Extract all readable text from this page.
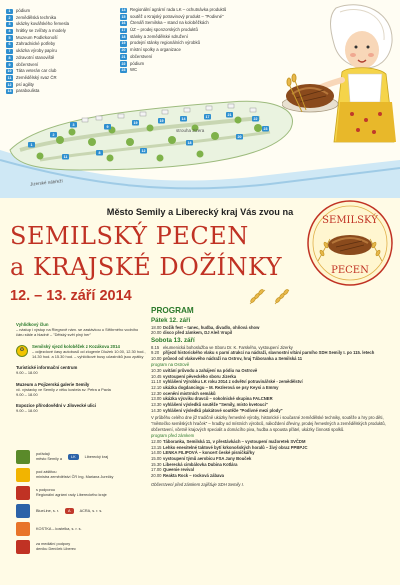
1
2
3	9
19	19	14	17	21
22
23
20
18
12
8
11
1	pódium
2	zemědělská technika
3	ukázky kovářského řemesla
4	hrátky se zvířaty a modely
5	Muzeum Podkrkonoší
6	Zahradnické potřeby
7	ukázka výroby papíru
8	zdravotní stanoviště
9	občerstvení
10	Táta veterán car club
11	Zemědělský svaz ČR
12	psí agility
13	paraboulista
14	Regionální agrární rada LK – ochutnávka produktů
15	soutěž o Krajský potravinový produkt – "Podivné"
16	Čtenáři Semilska – stand na koloběžkách
17	ÚZ – prodej sponzorských produktů
18	stánky a zemědělské sdružení
19	prodejní stánky regionálních výrobků
20	místní spolky a organizace
21	občerstvení
22	pódium
23	WC
strouha Jizera
Jizerské nábřeží
Město Semily a Liberecký kraj Vás zvou na
SEMILSKÝ PECEN
a KRAJSKÉ DOŽÍNKY
12. – 13. září 2014
SEMILSKÝ
PECEN
Vyhlídkový člun
– nástup i výstup na Riegrově nám. se zastávkou u Stříbrného vodního čáru stále a hladně – "Dětský svět plný her"
✪
Semilský sjezd koloběžek z Kozákova 2014
– odjezdové časy autobusů od zlogenie Dlužek 10.00, 12.30 hod., 14.30 hod. a 15.30 hod. – vyhlídkové busy učastníků jsou zpátky
Turistické informační centrum
9.00 – 18.00
Muzeum a Pojizerská galerie Semily
vč. výstavky ve Semily z věku kostela sv. Petra a Pavla
9.00 – 18.00
Expozice přírodovědní v Jilovecké ulici
9.00 – 18.00
pořádají
město Semily a
LK	Liberecký kraj
pod záštitou
ministra zemědělství ČR Ing. Mariana Jurečky
s podporou
Regionální agrární rady Libereckého kraje
BlueLine, s. r.	A	ACRA, s. r. s.
KOSTKA – kostelka, s. r. s.
za mediální podpory
deníku Deníček Liberec
PROGRAM
Pátek 12. září
18.00 Dožik fest – tanec, hudba, divadlo, ohňová show
20.00 disco před zámkem, DJ Aleš Vrupil
Sobota 13. září
8.15 ekumenická bohoslužba ve Sboru Dr. K. Farského, vystoupení Jizerky
9.20 příjezd historického vlaku s parní atrakcí na nádraží, slavnostní vítání parního SDH Semily I. po 115. letech
10.00 průvod od vlakového nádraží na Ostrov, hraj Táboranka a Semilská 11
program na Ostrově
10.30 uvítání průvodu a zahájení na pódiu na Ostrově
10.45 vystoupení pěveckého sboru Jizerka
11.10 vyhlášení Výrobku LK roku 2014 z odvětví potravinářské - zemědělství
12.10 ukázka dogdancingu – M. Rezlerová se psy Keysi a Emmy
12.30 ocenění mistrních semáků
13.00 ukázka výcviku dravců – sokolnické skupina FALCNER
13.30 vyhlášení výsledků soutěže "Semily, místo kvetoucí"
14.30 vyhlášení výsledků plakátové soutěže "Podivné mezi plody"
V průběhu celého dne již tradičně ukázky řemeslné výroby, historické i současné zemědělské techniky, soutěže a hry pro děti, "městečko semilských hraček" – hradby od místních výrobců, nákoždení dřeviny, prodej řemeslných a zemědělských produktů, občerstvení, včetně krajových specialit a domácího piva, hudba a spousta přátel, ukázky činnosti spolků.
program před zámkem
12.00 Táboranka, Semilská 11, v přestávkách – vystoupení mažoretek SVČDM
13.15 Lehko enesitelné taktové bytí krkonošských horalů – živý obraz PPBPJC
14.00 LENKA FILIPOVÁ – koncert české písničkářky
15.00 vystoupení týmů aerobicu FSA Jany Bouček
15.30 Liberecká cimbálovka Dubina Kotlára
17.00 Queenie revival
20.00 Reakta Rock – rocková zábava
Občerstvení před zámkem zajišťuje SDH Semily I.
